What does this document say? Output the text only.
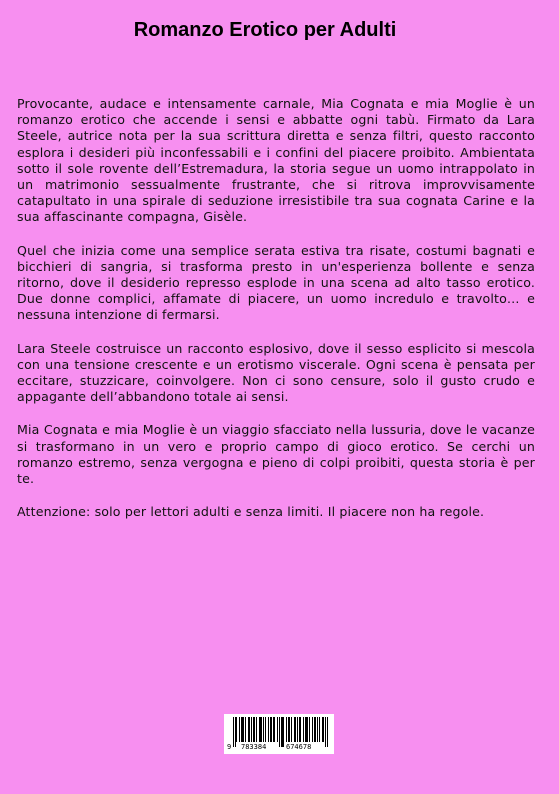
Romanzo Erotico per Adulti

Provocante, audace e intensamente carnale, Mia Cognata e mia Moglie è un romanzo erotico che accende i sensi e abbatte ogni tabù. Firmato da Lara Steele, autrice nota per la sua scrittura diretta e senza filtri, questo racconto esplora i desideri più inconfessabili e i confini del piacere proibito. Ambientata sotto il sole rovente dell’Estremadura, la storia segue un uomo intrappolato in un matrimonio sessualmente frustrante, che si ritrova improvvisamente catapultato in una spirale di seduzione irresistibile tra sua cognata Carine e la sua affascinante compagna, Gisèle.

Quel che inizia come una semplice serata estiva tra risate, costumi bagnati e bicchieri di sangria, si trasforma presto in un'esperienza bollente e senza ritorno, dove il desiderio represso esplode in una scena ad alto tasso erotico. Due donne complici, affamate di piacere, un uomo incredulo e travolto… e nessuna intenzione di fermarsi.

Lara Steele costruisce un racconto esplosivo, dove il sesso esplicito si mescola con una tensione crescente e un erotismo viscerale. Ogni scena è pensata per eccitare, stuzzicare, coinvolgere. Non ci sono censure, solo il gusto crudo e appagante dell’abbandono totale ai sensi.

Mia Cognata e mia Moglie è un viaggio sfacciato nella lussuria, dove le vacanze si trasformano in un vero e proprio campo di gioco erotico. Se cerchi un romanzo estremo, senza vergogna e pieno di colpi proibiti, questa storia è per te.

Attenzione: solo per lettori adulti e senza limiti. Il piacere non ha regole.

9

783384

	674678
